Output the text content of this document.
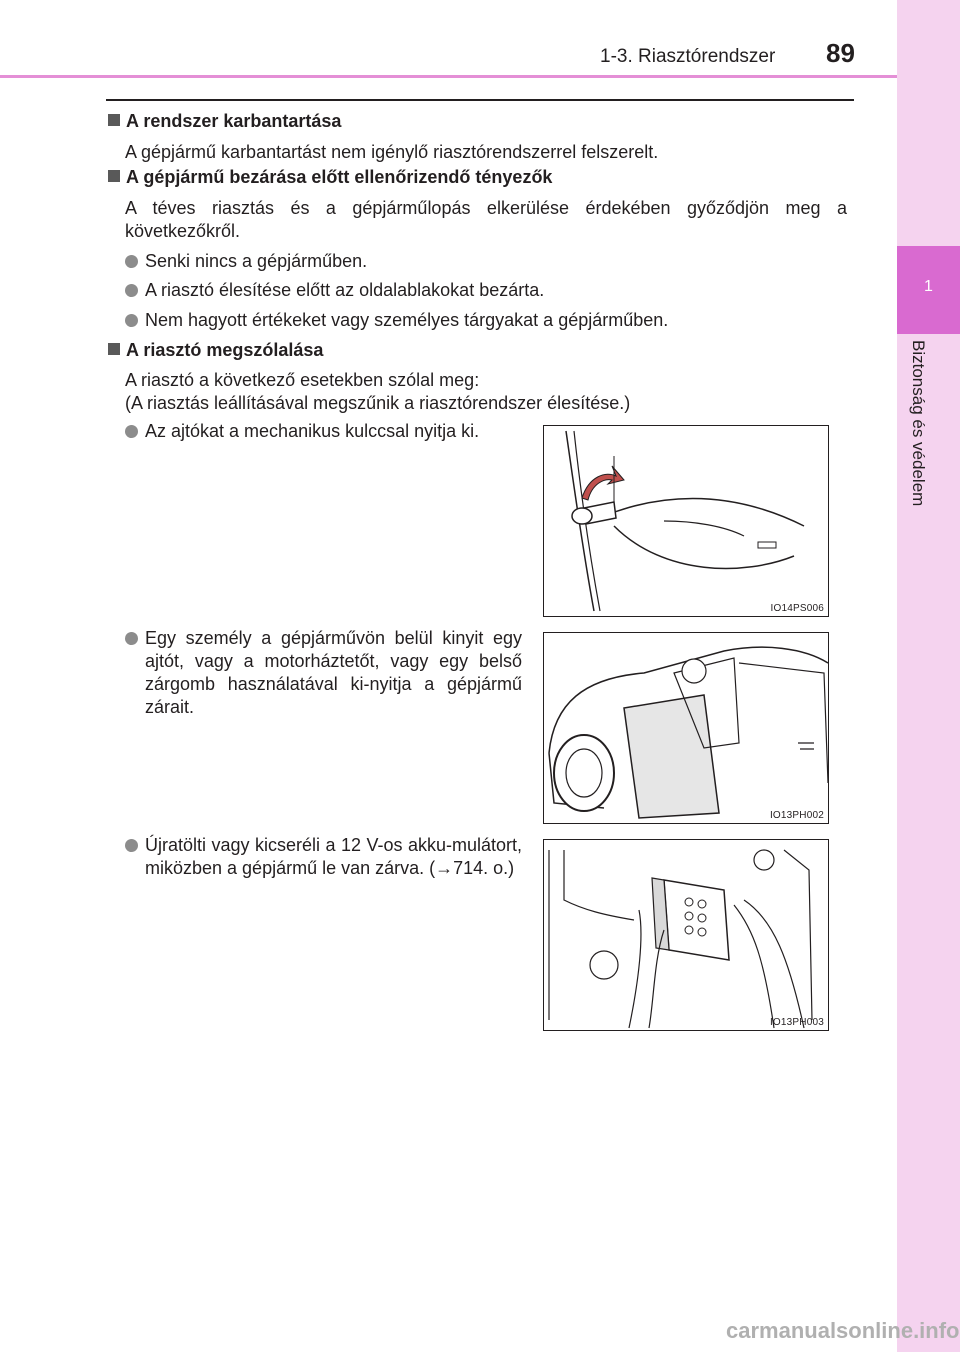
1
Biztonság és védelem
1-3. Riasztórendszer 89
A rendszer karbantartása
A gépjármű karbantartást nem igénylő riasztórendszerrel felszerelt.
A gépjármű bezárása előtt ellenőrizendő tényezők
A téves riasztás és a gépjárműlopás elkerülése érdekében győződjön meg a következőkről.
Senki nincs a gépjárműben.
A riasztó élesítése előtt az oldalablakokat bezárta.
Nem hagyott értékeket vagy személyes tárgyakat a gépjárműben.
A riasztó megszólalása
A riasztó a következő esetekben szólal meg:
(A riasztás leállításával megszűnik a riasztórendszer élesítése.)
Az ajtókat a mechanikus kulccsal nyitja ki.
IO14PS006
Egy személy a gépjárművön belül kinyit egy ajtót, vagy a motorháztetőt, vagy egy belső zárgomb használatával ki-nyitja a gépjármű zárait.
IO13PH002
Újratölti vagy kicseréli a 12 V-os akku-mulátort, miközben a gépjármű le van zárva. (→714. o.)
IO13PH003
carmanualsonline.info
